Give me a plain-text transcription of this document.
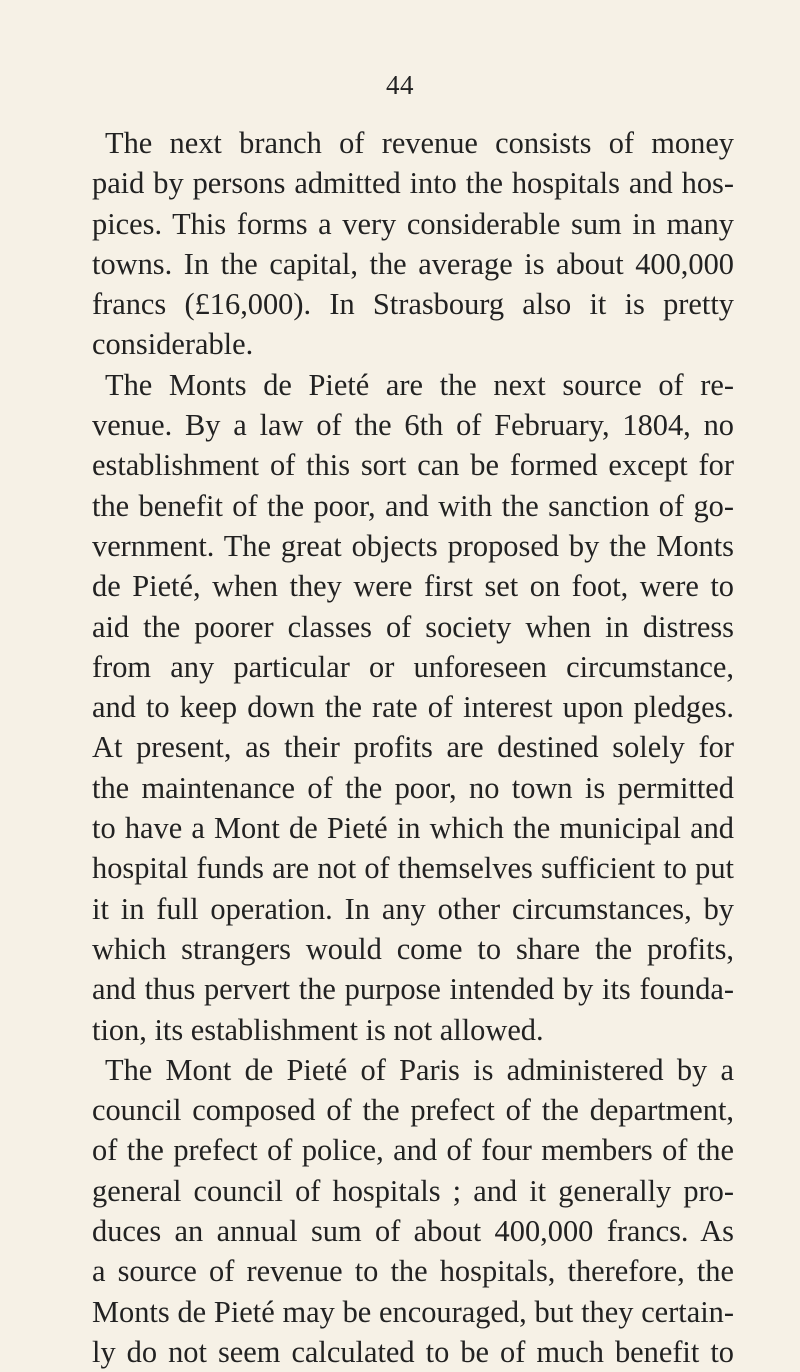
44
The next branch of revenue consists of money
paid by persons admitted into the hospitals and hos-
pices. This forms a very considerable sum in many
towns. In the capital, the average is about 400,000
francs (£16,000). In Strasbourg also it is pretty
considerable.
The Monts de Pieté are the next source of re-
venue. By a law of the 6th of February, 1804, no
establishment of this sort can be formed except for
the benefit of the poor, and with the sanction of go-
vernment. The great objects proposed by the Monts
de Pieté, when they were first set on foot, were to
aid the poorer classes of society when in distress
from any particular or unforeseen circumstance,
and to keep down the rate of interest upon pledges.
At present, as their profits are destined solely for
the maintenance of the poor, no town is permitted
to have a Mont de Pieté in which the municipal and
hospital funds are not of themselves sufficient to put
it in full operation. In any other circumstances, by
which strangers would come to share the profits,
and thus pervert the purpose intended by its founda-
tion, its establishment is not allowed.
The Mont de Pieté of Paris is administered by a
council composed of the prefect of the department,
of the prefect of police, and of four members of the
general council of hospitals ; and it generally pro-
duces an annual sum of about 400,000 francs. As
a source of revenue to the hospitals, therefore, the
Monts de Pieté may be encouraged, but they certain-
ly do not seem calculated to be of much benefit to
